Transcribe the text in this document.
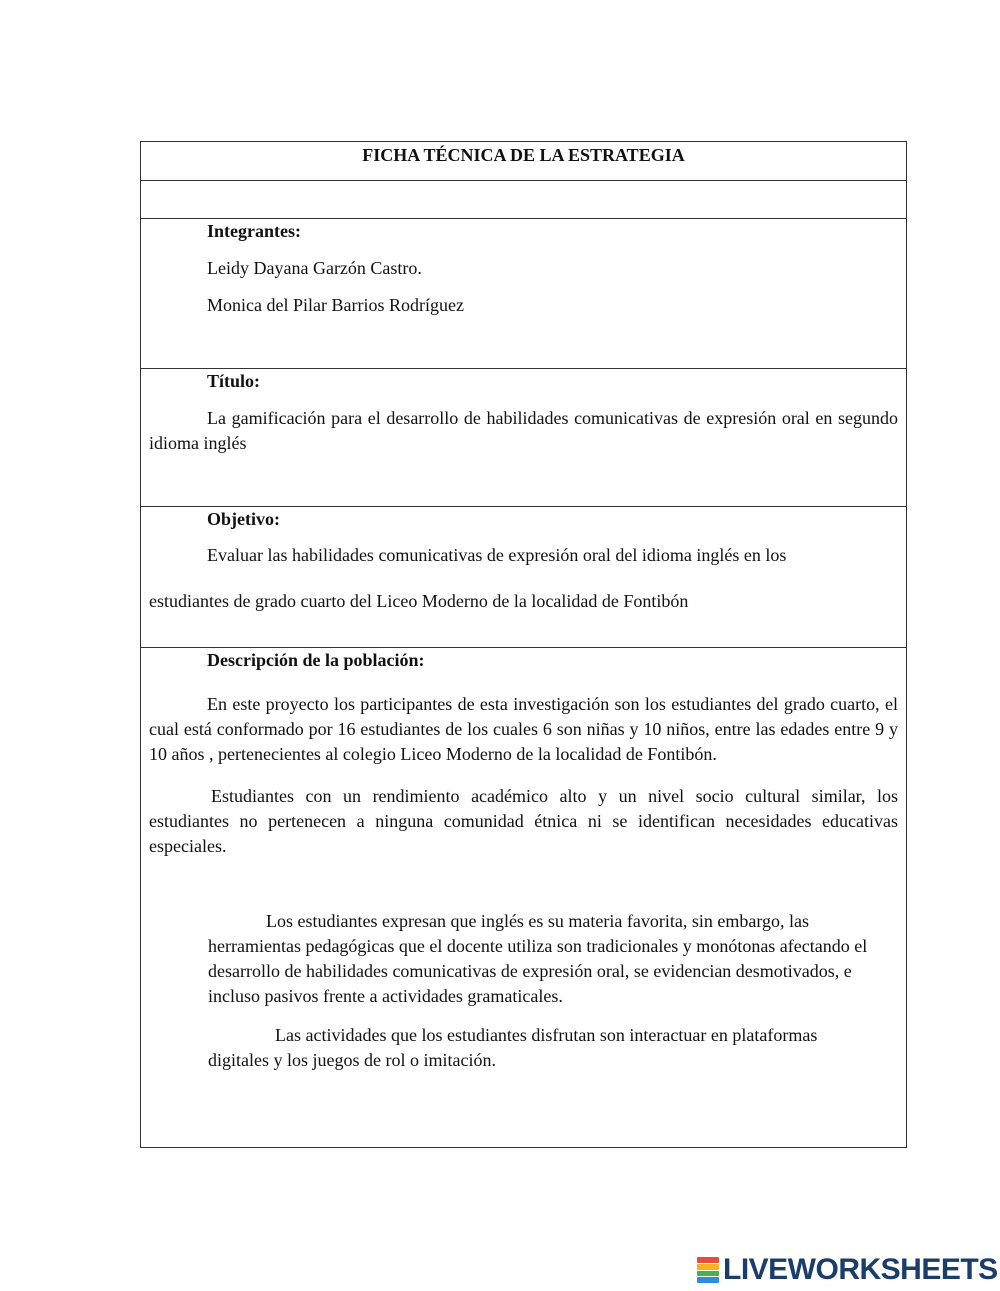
FICHA TÉCNICA DE LA ESTRATEGIA
Integrantes:
Leidy Dayana Garzón Castro.
Monica del Pilar Barrios Rodríguez
Título:
La gamificación para el desarrollo de habilidades comunicativas de expresión oral en segundo idioma inglés
Objetivo:
Evaluar las habilidades comunicativas de expresión oral del idioma inglés en los
estudiantes de grado cuarto del Liceo Moderno de la localidad de Fontibón
Descripción de la población:
En este proyecto los participantes de esta investigación son los estudiantes del grado cuarto, el cual está conformado por 16 estudiantes de los cuales 6 son niñas y 10 niños, entre las edades entre 9 y 10 años , pertenecientes al colegio Liceo Moderno de la localidad de Fontibón.
Estudiantes con un rendimiento académico alto y un nivel socio cultural similar, los estudiantes no pertenecen a ninguna comunidad étnica ni se identifican necesidades educativas especiales.
Los estudiantes expresan que inglés es su materia favorita, sin embargo, las herramientas pedagógicas que el docente utiliza son tradicionales y monótonas afectando el desarrollo de habilidades comunicativas de expresión oral, se evidencian desmotivados, e incluso pasivos frente a actividades gramaticales.
Las actividades que los estudiantes disfrutan son interactuar en plataformas digitales y los juegos de rol o imitación.
LIVEWORKSHEETS
